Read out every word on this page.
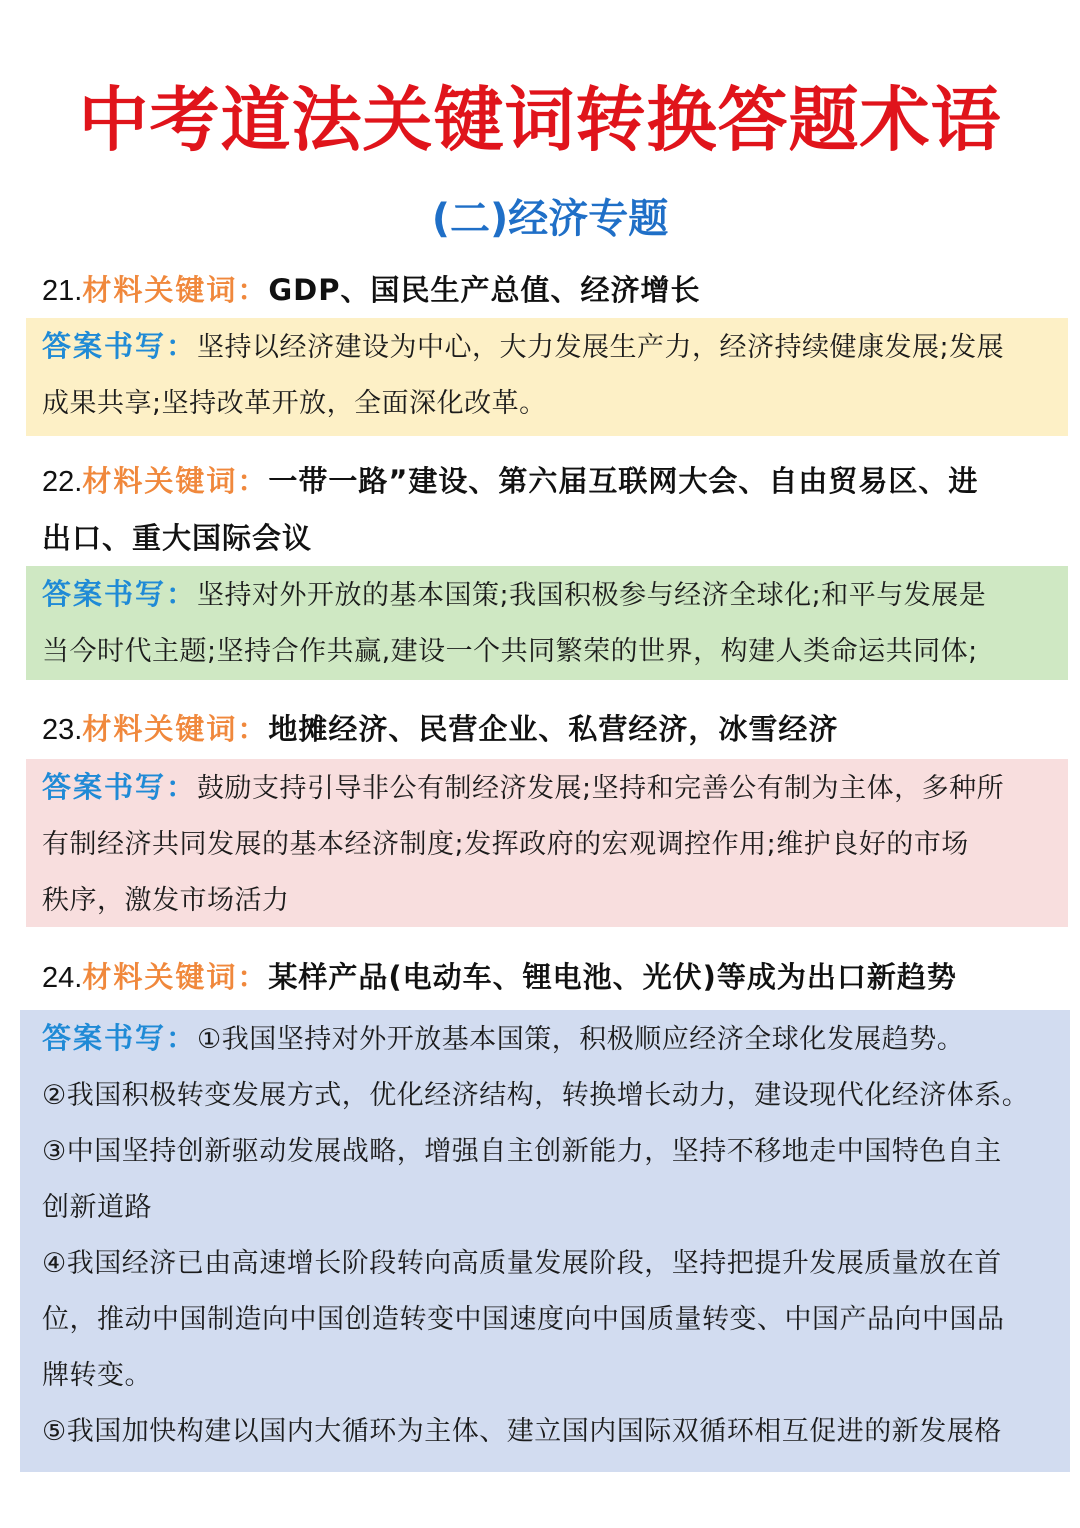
中考道法关键词转换答题术语
(二)经济专题
21.材料关键词：GDP、国民生产总值、经济增长
答案书写：坚持以经济建设为中心，大力发展生产力，经济持续健康发展;发展
成果共享;坚持改革开放，全面深化改革。
22.材料关键词：一带一路”建设、第六届互联网大会、自由贸易区、进
出口、重大国际会议
答案书写：坚持对外开放的基本国策;我国积极参与经济全球化;和平与发展是
当今时代主题;坚持合作共赢,建设一个共同繁荣的世界，构建人类命运共同体;
23.材料关键词：地摊经济、民营企业、私营经济，冰雪经济
答案书写：鼓励支持引导非公有制经济发展;坚持和完善公有制为主体，多种所
有制经济共同发展的基本经济制度;发挥政府的宏观调控作用;维护良好的市场
秩序，激发市场活力
24.材料关键词：某样产品(电动车、锂电池、光伏)等成为出口新趋势
答案书写：①我国坚持对外开放基本国策，积极顺应经济全球化发展趋势。
②我国积极转变发展方式，优化经济结构，转换增长动力，建设现代化经济体系。
③中国坚持创新驱动发展战略，增强自主创新能力，坚持不移地走中国特色自主
创新道路
④我国经济已由高速增长阶段转向高质量发展阶段，坚持把提升发展质量放在首
位，推动中国制造向中国创造转变中国速度向中国质量转变、中国产品向中国品
牌转变。
⑤我国加快构建以国内大循环为主体、建立国内国际双循环相互促进的新发展格
